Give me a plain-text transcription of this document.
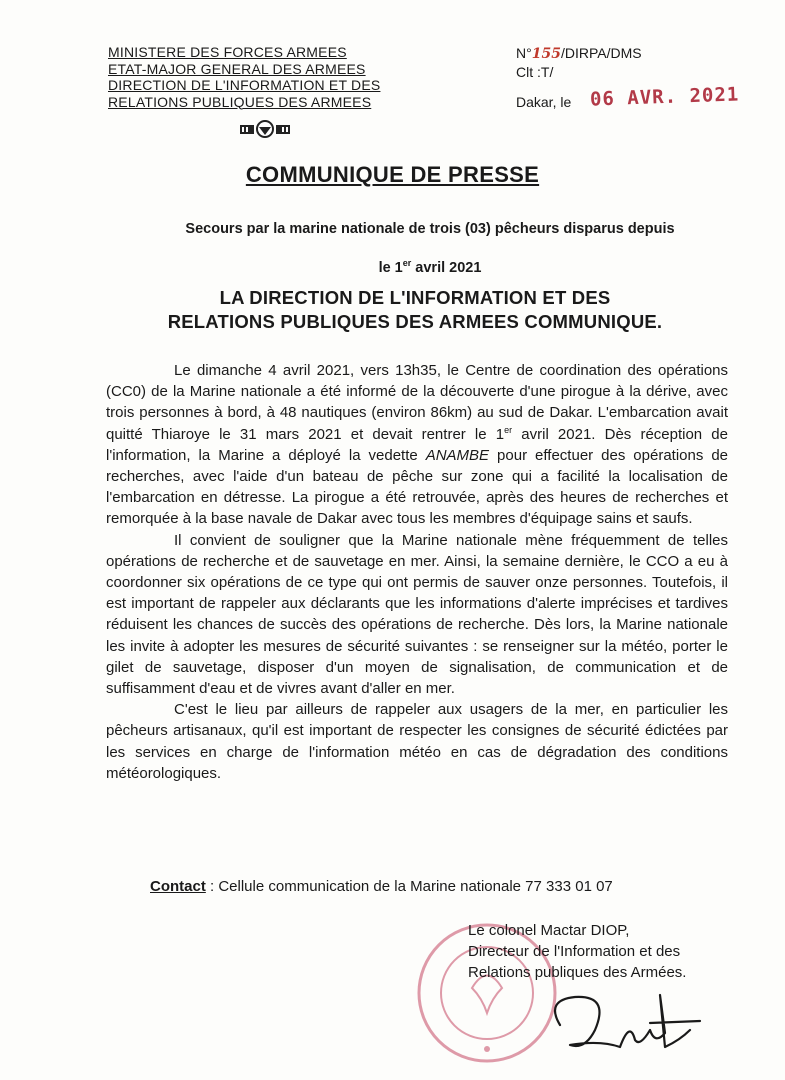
MINISTERE DES FORCES ARMEES
ETAT-MAJOR GENERAL DES ARMEES
DIRECTION DE L'INFORMATION ET DES
RELATIONS PUBLIQUES DES ARMEES
N°155/DIRPA/DMS
Clt :T/
Dakar, le 06 AVR. 2021
COMMUNIQUE DE PRESSE
Secours par la marine nationale de trois (03) pêcheurs disparus depuis
le 1er avril 2021
LA DIRECTION DE L'INFORMATION ET DES
RELATIONS PUBLIQUES DES ARMEES COMMUNIQUE.

Le dimanche 4 avril 2021, vers 13h35, le Centre de coordination des opérations (CC0) de la Marine nationale a été informé de la découverte d'une pirogue à la dérive, avec trois personnes à bord, à 48 nautiques (environ 86km) au sud de Dakar. L'embarcation avait quitté Thiaroye le 31 mars 2021 et devait rentrer le 1er avril 2021. Dès réception de l'information, la Marine a déployé la vedette ANAMBE pour effectuer des opérations de recherches, avec l'aide d'un bateau de pêche sur zone qui a facilité la localisation de l'embarcation en détresse. La pirogue a été retrouvée, après des heures de recherches et remorquée à la base navale de Dakar avec tous les membres d'équipage sains et saufs.

Il convient de souligner que la Marine nationale mène fréquemment de telles opérations de recherche et de sauvetage en mer. Ainsi, la semaine dernière, le CCO a eu à coordonner six opérations de ce type qui ont permis de sauver onze personnes. Toutefois, il est important de rappeler aux déclarants que les informations d'alerte imprécises et tardives réduisent les chances de succès des opérations de recherche. Dès lors, la Marine nationale les invite à adopter les mesures de sécurité suivantes : se renseigner sur la météo, porter le gilet de sauvetage, disposer d'un moyen de signalisation, de communication et de suffisamment d'eau et de vivres avant d'aller en mer.

C'est le lieu par ailleurs de rappeler aux usagers de la mer, en particulier les pêcheurs artisanaux, qu'il est important de respecter les consignes de sécurité édictées par les services en charge de l'information météo en cas de dégradation des conditions météorologiques.

Contact : Cellule communication de la Marine nationale 77 333 01 07
Le colonel Mactar DIOP,
Directeur de l'Information et des
Relations publiques des Armées.
